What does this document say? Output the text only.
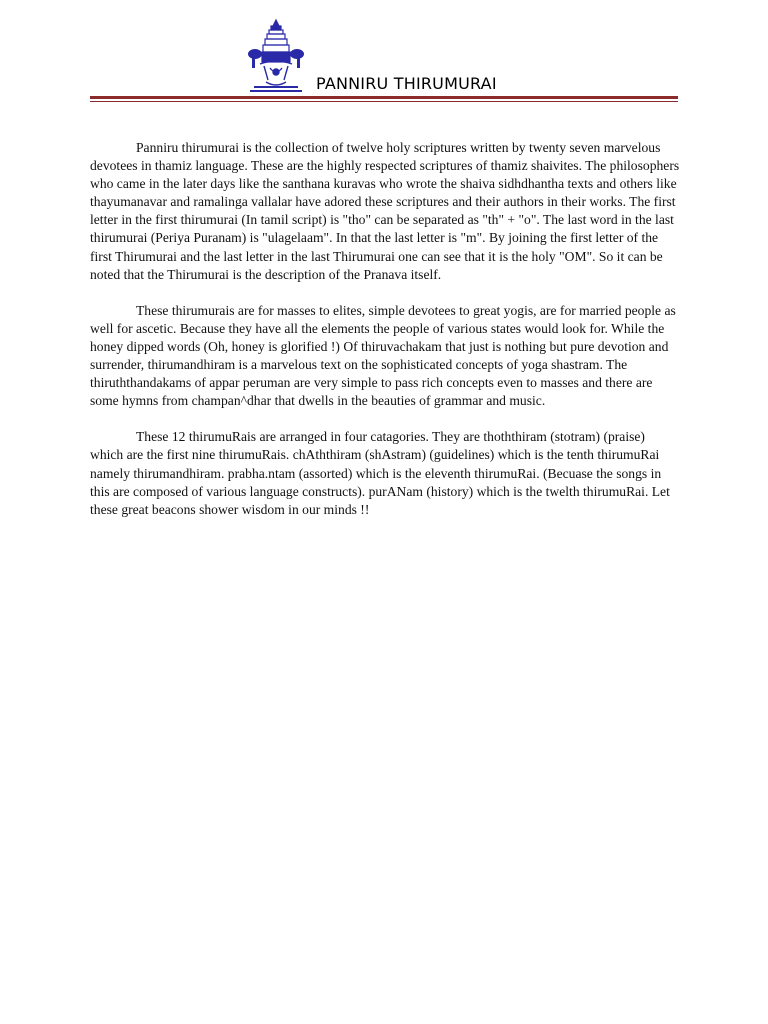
PANNIRU THIRUMURAI

Panniru thirumurai is the collection of twelve holy scriptures written by twenty seven marvelous devotees in thamiz language. These are the highly respected scriptures of thamiz shaivites. The philosophers who came in the later days like the santhana kuravas who wrote the shaiva sidhdhantha texts and others like thayumanavar and ramalinga vallalar have adored these scriptures and their authors in their works. The first letter in the first thirumurai (In tamil script) is "tho" can be separated as "th" + "o". The last word in the last thirumurai (Periya Puranam) is "ulagelaam". In that the last letter is "m". By joining the first letter of the first Thirumurai and the last letter in the last Thirumurai one can see that it is the holy "OM". So it can be noted that the Thirumurai is the description of the Pranava itself.

These thirumurais are for masses to elites, simple devotees to great yogis, are for married people as well for ascetic. Because they have all the elements the people of various states would look for. While the honey dipped words (Oh, honey is glorified !) Of thiruvachakam that just is nothing but pure devotion and surrender, thirumandhiram is a marvelous text on the sophisticated concepts of yoga shastram. The thiruththandakams of appar peruman are very simple to pass rich concepts even to masses and there are some hymns from champan^dhar that dwells in the beauties of grammar and music.

These 12 thirumuRais are arranged in four catagories. They are thoththiram (stotram) (praise) which are the first nine thirumuRais. chAththiram (shAstram) (guidelines) which is the tenth thirumuRai namely thirumandhiram. prabha.ntam (assorted) which is the eleventh thirumuRai. (Becuase the songs in this are composed of various language constructs). purANam (history) which is the twelth thirumuRai. Let these great beacons shower wisdom in our minds !!
